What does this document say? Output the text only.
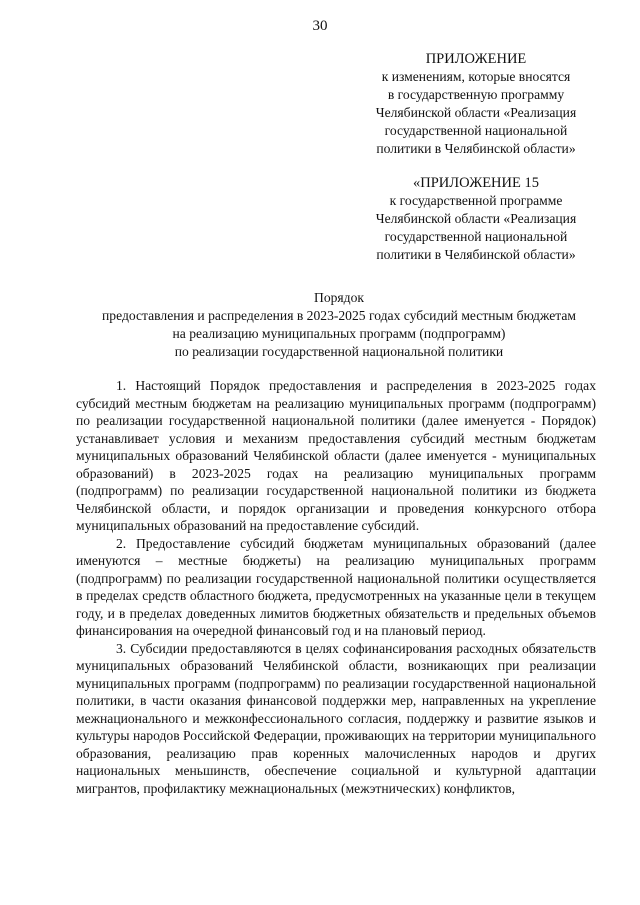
30
ПРИЛОЖЕНИЕ
к изменениям, которые вносятся
в государственную программу
Челябинской области «Реализация
государственной национальной
политики в Челябинской области»
«ПРИЛОЖЕНИЕ 15
к государственной программе
Челябинской области «Реализация
государственной национальной
политики в Челябинской области»
Порядок
предоставления и распределения в 2023-2025 годах субсидий местным бюджетам
на реализацию муниципальных программ (подпрограмм)
по реализации государственной национальной политики

1. Настоящий Порядок предоставления и распределения в 2023-2025 годах субсидий местным бюджетам на реализацию муниципальных программ (подпрограмм) по реализации государственной национальной политики (далее именуется - Порядок) устанавливает условия и механизм предоставления субсидий местным бюджетам муниципальных образований Челябинской области (далее именуется - муниципальных образований) в 2023-2025 годах на реализацию муниципальных программ (подпрограмм) по реализации государственной национальной политики из бюджета Челябинской области, и порядок организации и проведения конкурсного отбора муниципальных образований на предоставление субсидий.

2. Предоставление субсидий бюджетам муниципальных образований (далее именуются – местные бюджеты) на реализацию муниципальных программ (подпрограмм) по реализации государственной национальной политики осуществляется в пределах средств областного бюджета, предусмотренных на указанные цели в текущем году, и в пределах доведенных лимитов бюджетных обязательств и предельных объемов финансирования на очередной финансовый год и на плановый период.

3. Субсидии предоставляются в целях софинансирования расходных обязательств муниципальных образований Челябинской области, возникающих при реализации муниципальных программ (подпрограмм) по реализации государственной национальной политики, в части оказания финансовой поддержки мер, направленных на укрепление межнационального и межконфессионального согласия, поддержку и развитие языков и культуры народов Российской Федерации, проживающих на территории муниципального образования, реализацию прав коренных малочисленных народов и других национальных меньшинств, обеспечение социальной и культурной адаптации мигрантов, профилактику межнациональных (межэтнических) конфликтов,
